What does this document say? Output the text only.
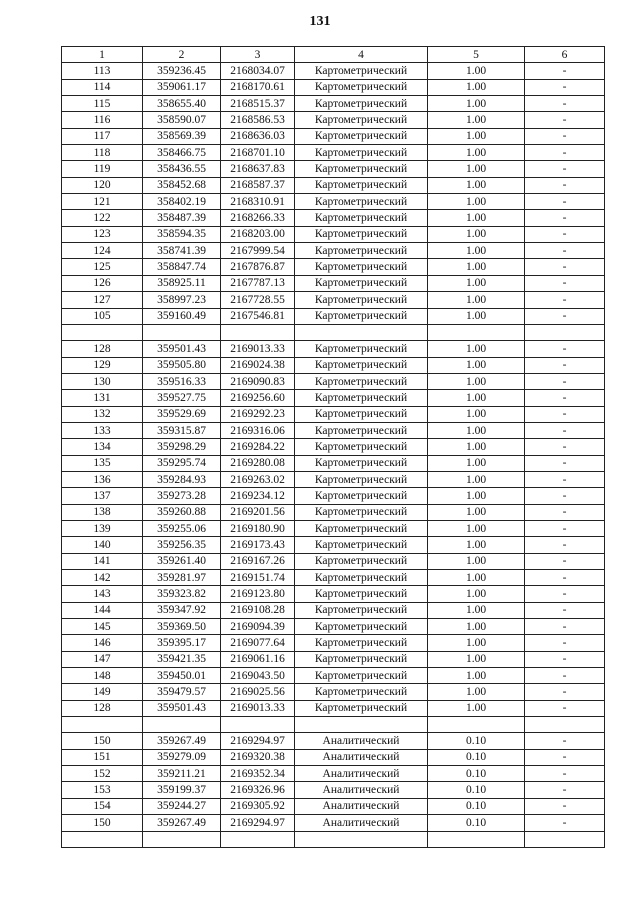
131
1	2	3	4	5	6
113	359236.45	2168034.07	Картометрический	1.00	-
114	359061.17	2168170.61	Картометрический	1.00	-
115	358655.40	2168515.37	Картометрический	1.00	-
116	358590.07	2168586.53	Картометрический	1.00	-
117	358569.39	2168636.03	Картометрический	1.00	-
118	358466.75	2168701.10	Картометрический	1.00	-
119	358436.55	2168637.83	Картометрический	1.00	-
120	358452.68	2168587.37	Картометрический	1.00	-
121	358402.19	2168310.91	Картометрический	1.00	-
122	358487.39	2168266.33	Картометрический	1.00	-
123	358594.35	2168203.00	Картометрический	1.00	-
124	358741.39	2167999.54	Картометрический	1.00	-
125	358847.74	2167876.87	Картометрический	1.00	-
126	358925.11	2167787.13	Картометрический	1.00	-
127	358997.23	2167728.55	Картометрический	1.00	-
105	359160.49	2167546.81	Картометрический	1.00	-

128	359501.43	2169013.33	Картометрический	1.00	-
129	359505.80	2169024.38	Картометрический	1.00	-
130	359516.33	2169090.83	Картометрический	1.00	-
131	359527.75	2169256.60	Картометрический	1.00	-
132	359529.69	2169292.23	Картометрический	1.00	-
133	359315.87	2169316.06	Картометрический	1.00	-
134	359298.29	2169284.22	Картометрический	1.00	-
135	359295.74	2169280.08	Картометрический	1.00	-
136	359284.93	2169263.02	Картометрический	1.00	-
137	359273.28	2169234.12	Картометрический	1.00	-
138	359260.88	2169201.56	Картометрический	1.00	-
139	359255.06	2169180.90	Картометрический	1.00	-
140	359256.35	2169173.43	Картометрический	1.00	-
141	359261.40	2169167.26	Картометрический	1.00	-
142	359281.97	2169151.74	Картометрический	1.00	-
143	359323.82	2169123.80	Картометрический	1.00	-
144	359347.92	2169108.28	Картометрический	1.00	-
145	359369.50	2169094.39	Картометрический	1.00	-
146	359395.17	2169077.64	Картометрический	1.00	-
147	359421.35	2169061.16	Картометрический	1.00	-
148	359450.01	2169043.50	Картометрический	1.00	-
149	359479.57	2169025.56	Картометрический	1.00	-
128	359501.43	2169013.33	Картометрический	1.00	-

150	359267.49	2169294.97	Аналитический	0.10	-
151	359279.09	2169320.38	Аналитический	0.10	-
152	359211.21	2169352.34	Аналитический	0.10	-
153	359199.37	2169326.96	Аналитический	0.10	-
154	359244.27	2169305.92	Аналитический	0.10	-
150	359267.49	2169294.97	Аналитический	0.10	-
